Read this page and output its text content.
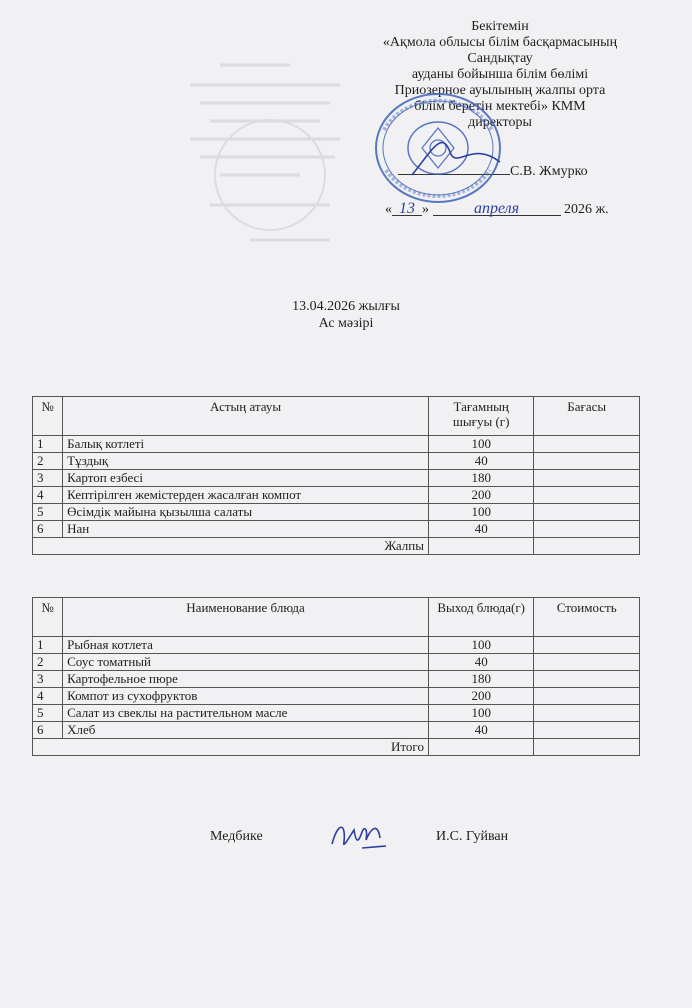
Бекітемін
«Ақмола облысы білім басқармасының
Сандықтау
ауданы бойынша білім бөлімі
Приозерное ауылының жалпы орта
білім беретін мектебі» КММ
директоры
С.В. Жмурко
« 13 »	апреля	2026 ж.
13.04.2026 жылғы
Ас мәзірі
№	Астың атауы	Тағамның шығуы (г)	Бағасы
1	Балық котлеті	100	
2	Тұздық	40	
3	Картоп езбесі	180	
4	Кептірілген жемістерден жасалған компот	200	
5	Өсімдік майына қызылша салаты	100	
6	Нан	40	
Жалпы			
№	Наименование блюда	Выход блюда(г)	Стоимость
1	Рыбная котлета	100	
2	Соус томатный	40	
3	Картофельное пюре	180	
4	Компот из сухофруктов	200	
5	Салат из свеклы на растительном масле	100	
6	Хлеб	40	
Итого			
Медбике	И.С. Гуйван
